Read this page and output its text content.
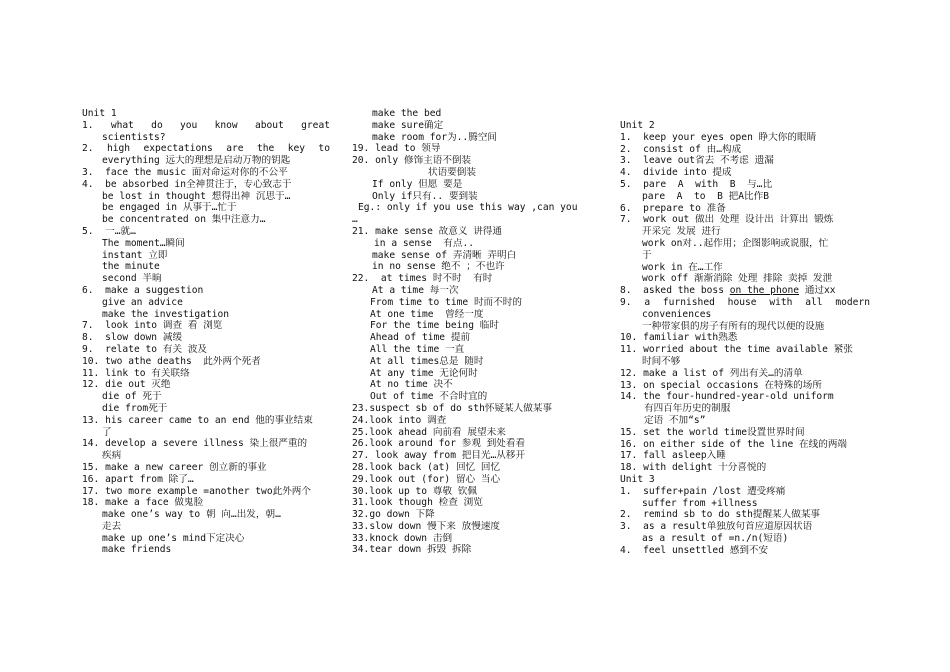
Unit 1
1.  what  do  you  know  about  great
scientists?
2.  high  expectations  are  the  key  to
everything 远大的理想是启动万物的钥匙
3.  face the music 面对命运对你的不公平
4.  be absorbed in全神贯注于，专心致志于
be lost in thought 想得出神 沉思于…
be engaged in 从事于…忙于
be concentrated on 集中注意力…
5.  一…就…
The moment…瞬间
instant 立即
the minute
second 半晌
6.  make a suggestion
give an advice
make the investigation
7.  look into 调查 看 浏览
8.  slow down 减缓
9.  relate to 有关 波及
10. two athe deaths  此外两个死者
11. link to 有关联络
12. die out 灭绝
die of 死于
die from死于
13. his career came to an end 他的事业结束
了
14. develop a severe illness 染上很严重的
疾病
15. make a new career 创立新的事业
16. apart from 除了…
17. two more example =another two此外两个
18. make a face 做鬼脸
make one’s way to 朝 向…出发，朝…
走去
make up one’s mind下定决心
make friends
make the bed
make sure确定
make room for为..腾空间
19. lead to 领导
20. only 修饰主语不倒装
状语要倒装
If only 但愿 要是
Only if只有.. 要到装
Eg.: only if you use this way ,can you
…
21. make sense 故意义 讲得通
in a sense  有点..
make sense of 弄清晰 弄明白
in no sense 绝不 ；不也许
22.  at times 时不时  有时
At a time 每一次
From time to time 时而不时的
At one time  曾经一度
For the time being 临时
Ahead of time 提前
All the time 一直
At all times总是 随时
At any time 无论何时
At no time 决不
Out of time 不合时宜的
23.suspect sb of do sth怀疑某人做某事
24.look into 调查
25.look ahead 向前看 展望未来
26.look around for 参观 到处看看
27. look away from 把目光…从移开
28.look back (at) 回忆 回忆
29.look out (for) 留心 当心
30.look up to 尊敬 钦佩
31.look though 检查 浏览
32.go down 下降
33.slow down 慢下来 放慢速度
33.knock down 击倒
34.tear down 拆毁 拆除
Unit 2
1.  keep your eyes open 睁大你的眼睛
2.  consist of 由…构成
3.  leave out省去 不考虑 遗漏
4.  divide into 提成
5.  pare  A  with  B  与…比
pare  A  to  B 把A比作B
6.  prepare to 准备
7.  work out 做出 处理 设计出 计算出 锻炼
开采完 发展 进行
work on对..起作用；企图影响或说服，忙
于
work in 在…工作
work off 渐渐消除 处理 排除 卖掉 发泄
8.  asked the boss on the phone 通过xx
9.  a  furnished  house  with  all  modern
conveniences
一种带家俱的房子有所有的现代以便的设施
10. familiar with熟悉
11. worried about the time available 紧张
时间不够
12. make a list of 列出有关…的清单
13. on special occasions 在特殊的场所
14. the four-hundred-year-old uniform
有四百年历史的制服
定语 不加“s”
15. set the world time设置世界时间
16. on either side of the line 在线的两端
17. fall asleep入睡
18. with delight 十分喜悦的
Unit 3
1.  suffer+pain /lost 遭受疼痛
suffer from +illness
2.  remind sb to do sth提醒某人做某事
3.  as a result单独放句首应道原因状语
as a result of =n./n(短语)
4.  feel unsettled 感到不安
